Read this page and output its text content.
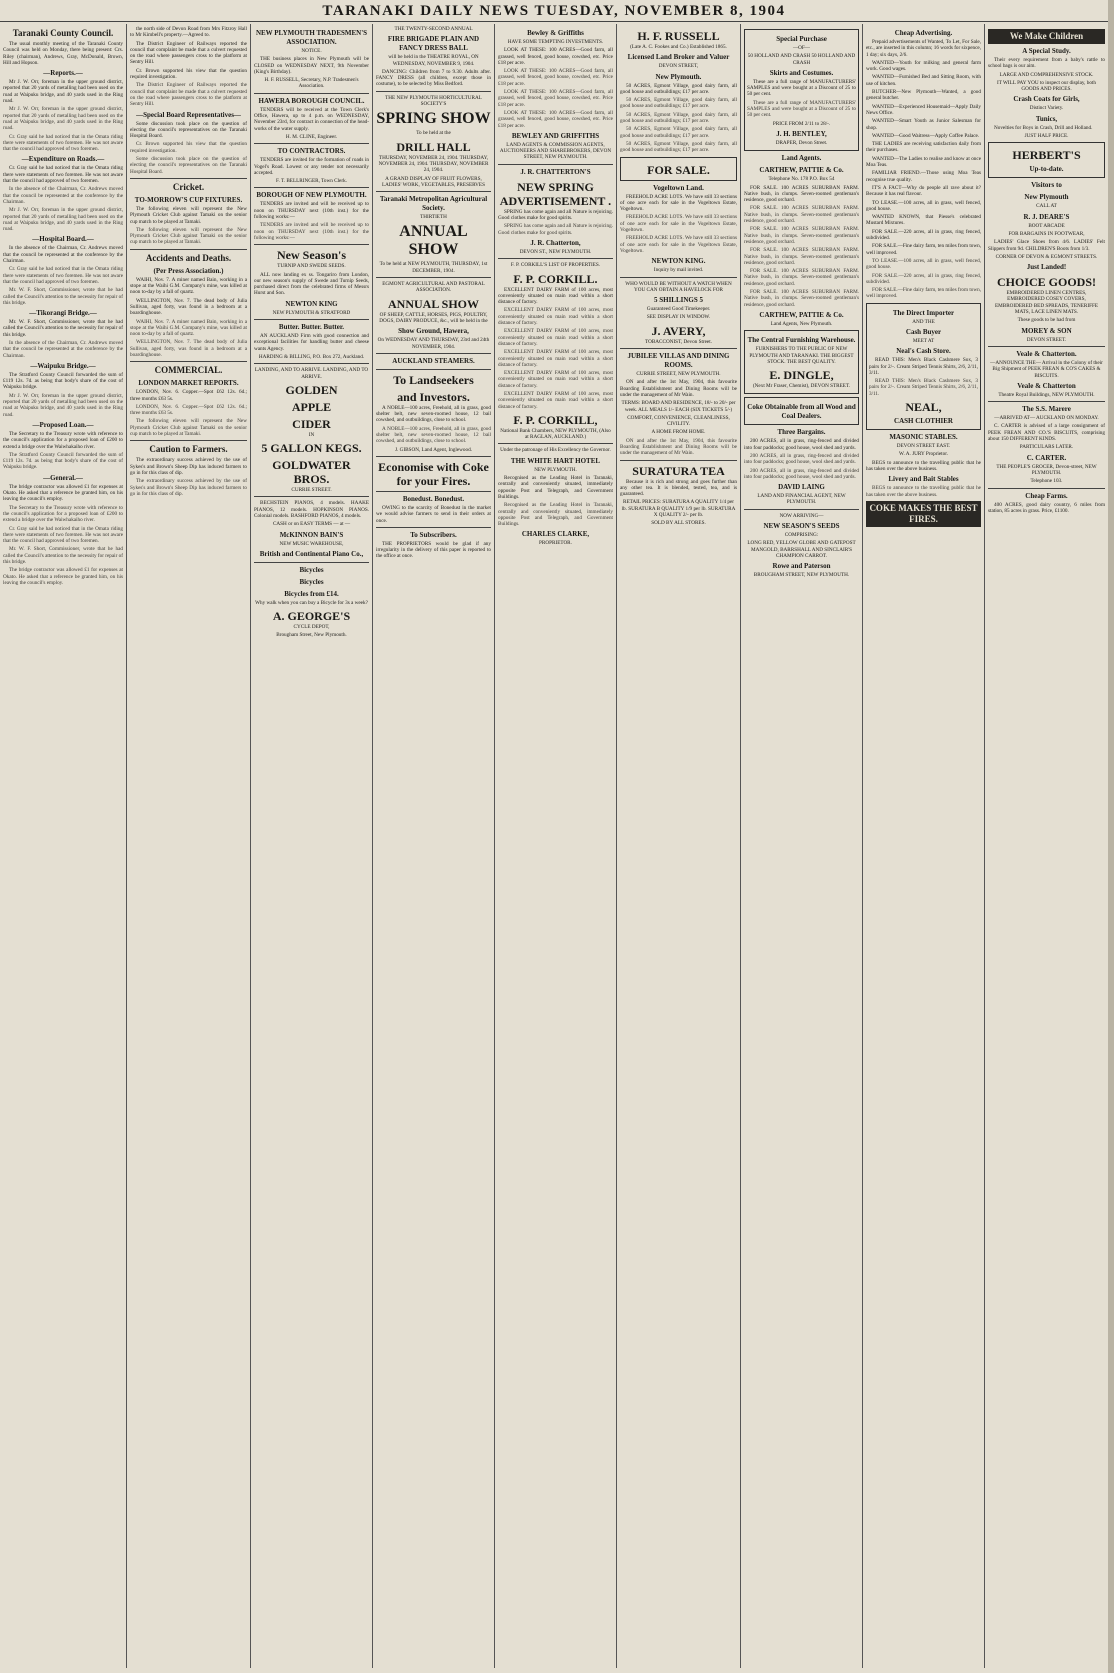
TARANAKI DAILY NEWS TUESDAY, NOVEMBER 8, 1904
Taranaki County Council.

The usual monthly meeting of the Taranaki County Council was held on Monday, there being present: Crs. Riley (chairman), Andrews, Gray, McDonald, Brown, Hill and Hopson.

—Reports.—

Mr J. W. Orr, foreman in the upper ground district, reported that 20 yards of metalling had been used on the road at Waipuku bridge, and 40 yards used in the Ring road.

Mr J. W. Orr, foreman in the upper ground district, reported that 20 yards of metalling had been used on the road at Waipuku bridge, and 40 yards used in the Ring road.

Cr. Gray said he had noticed that in the Omata riding there were statements of two foremen. He was not aware that the council had approved of two foremen.

—Expenditure on Roads.—

Cr. Gray said he had noticed that in the Omata riding there were statements of two foremen. He was not aware that the council had approved of two foremen.

In the absence of the Chairman, Cr. Andrews moved that the council be represented at the conference by the Chairman.

Mr J. W. Orr, foreman in the upper ground district, reported that 20 yards of metalling had been used on the road at Waipuku bridge, and 40 yards used in the Ring road.

—Hospital Board.—

In the absence of the Chairman, Cr. Andrews moved that the council be represented at the conference by the Chairman.

Cr. Gray said he had noticed that in the Omata riding there were statements of two foremen. He was not aware that the council had approved of two foremen.

Mr. W. F. Short, Commissioner, wrote that he had called the Council's attention to the necessity for repair of this bridge.

—Tikorangi Bridge.—

Mr. W. F. Short, Commissioner, wrote that he had called the Council's attention to the necessity for repair of this bridge.

In the absence of the Chairman, Cr. Andrews moved that the council be represented at the conference by the Chairman.

—Waipuku Bridge.—

The Stratford County Council forwarded the sum of £119 12s. 7d. as being that body's share of the cost of Waipuku bridge.

Mr J. W. Orr, foreman in the upper ground district, reported that 20 yards of metalling had been used on the road at Waipuku bridge, and 40 yards used in the Ring road.

—Proposed Loan.—

The Secretary to the Treasury wrote with reference to the council's application for a proposed loan of £200 to extend a bridge over the Waiwhakaiho river.

The Stratford County Council forwarded the sum of £119 12s. 7d. as being that body's share of the cost of Waipuku bridge.

—General.—

The bridge contractor was allowed £1 for expenses at Okato. He asked that a reference be granted him, on his leaving the council's employ.

The Secretary to the Treasury wrote with reference to the council's application for a proposed loan of £200 to extend a bridge over the Waiwhakaiho river.

Cr. Gray said he had noticed that in the Omata riding there were statements of two foremen. He was not aware that the council had approved of two foremen.

Mr. W. F. Short, Commissioner, wrote that he had called the Council's attention to the necessity for repair of this bridge.

The bridge contractor was allowed £1 for expenses at Okato. He asked that a reference be granted him, on his leaving the council's employ.

the north side of Devon Road from Mrs Fitzroy Hall to Mr Kimbell's property.—Agreed to.

The District Engineer of Railways reported the council that complaint be made that a culvert requested on the road where passengers cross to the platform at Sentry Hill.

Cr. Brown supported his view that the question required investigation.

The District Engineer of Railways reported the council that complaint be made that a culvert requested on the road where passengers cross to the platform at Sentry Hill.

—Special Board Representatives—

Some discussion took place on the question of electing the council's representatives on the Taranaki Hospital Board.

Cr. Brown supported his view that the question required investigation.

Some discussion took place on the question of electing the council's representatives on the Taranaki Hospital Board.

Cricket.
TO-MORROW'S CUP FIXTURES.

The following eleven will represent the New Plymouth Cricket Club against Tamaki on the senior cup match to be played at Tamaki.

The following eleven will represent the New Plymouth Cricket Club against Tamaki on the senior cup match to be played at Tamaki.

Accidents and Deaths.
(Per Press Association.)

WAIHI, Nov. 7. A miner named Bain, working in a stope at the Waihi G.M. Company's mine, was killed at noon to-day by a fall of quartz.

WELLINGTON, Nov. 7. The dead body of Julia Sullivan, aged forty, was found in a bedroom at a boardinghouse.

WAIHI, Nov. 7. A miner named Bain, working in a stope at the Waihi G.M. Company's mine, was killed at noon to-day by a fall of quartz.

WELLINGTON, Nov. 7. The dead body of Julia Sullivan, aged forty, was found in a bedroom at a boardinghouse.

COMMERCIAL.
LONDON MARKET REPORTS.

LONDON, Nov. 6. Copper.—Spot £62 12s. 6d.; three months £63 5s.

LONDON, Nov. 6. Copper.—Spot £62 12s. 6d.; three months £63 5s.

The following eleven will represent the New Plymouth Cricket Club against Tamaki on the senior cup match to be played at Tamaki.

Caution to Farmers.

The extraordinary success achieved by the use of Sykes's and Brown's Sheep Dip has induced farmers to go in for this class of dip.

The extraordinary success achieved by the use of Sykes's and Brown's Sheep Dip has induced farmers to go in for this class of dip.

NEW PLYMOUTH TRADESMEN'S ASSOCIATION.

NOTICE.

THE business places in New Plymouth will be CLOSED on WEDNESDAY NEXT, 9th November (King's Birthday).

H. F. RUSSELL, Secretary, N.P. Tradesmen's Association.

HAWERA BOROUGH COUNCIL.

TENDERS will be received at the Town Clerk's Office, Hawera, up to 4 p.m. on WEDNESDAY, November 23rd, for contract in connection of the head-works of the water supply.

H. M. CLINE, Engineer.

TO CONTRACTORS.

TENDERS are invited for the formation of roads in Vogel's Road. Lowest or any tender not necessarily accepted.

F. T. BELLRINGER, Town Clerk.

BOROUGH OF NEW PLYMOUTH.

TENDERS are invited and will be received up to noon on THURSDAY next (10th inst.) for the following works:—

TENDERS are invited and will be received up to noon on THURSDAY next (10th inst.) for the following works:—

New Season's

TURNIP AND SWEDE SEEDS.

ALL now landing ex ss. Tongariro from London, our new season's supply of Swede and Turnip Seeds, purchased direct from the celebrated firms of Messrs Hurst and Son.

NEWTON KING

NEW PLYMOUTH & STRATFORD

Butter. Butter. Butter.

AN AUCKLAND Firm with good connection and exceptional facilities for handling butter and cheese wants Agency.

HARDING & BILLING, P.O. Box 272, Auckland.

LANDING, AND TO ARRIVE. LANDING, AND TO ARRIVE.

GOLDEN
APPLE
CIDER

IN

5 GALLON KEGS.
GOLDWATER BROS.

CURRIE STREET.

BECHSTEIN PIANOS, 4 models. HAAKE PIANOS, 12 models. HOPKINSON PIANOS. Colonial models. BASHFORD PIANOS, 4 models.

CASH or on EASY TERMS — at —

McKINNON BAIN'S

NEW MUSIC WAREHOUSE,

British and Continental Piano Co.,
Bicycles
Bicycles
Bicycles from £14.

Why walk when you can buy a Bicycle for 3s a week?

A. GEORGE'S

CYCLE DEPOT,

Brougham Street, New Plymouth.

THE TWENTY-SECOND ANNUAL

FIRE BRIGADE PLAIN AND FANCY DRESS BALL

will be held in the THEATRE ROYAL, ON WEDNESDAY, NOVEMBER 9, 1904.

DANCING: Children from 7 to 9.30. Adults after. FANCY DRESS (all children, except those in costume), to be selected by Miss Bedford.

THE NEW PLYMOUTH HORTICULTURAL SOCIETY'S

SPRING SHOW

To be held at the

DRILL HALL

THURSDAY, NOVEMBER 24, 1904. THURSDAY, NOVEMBER 24, 1904. THURSDAY, NOVEMBER 24, 1904.

A GRAND DISPLAY OF FRUIT FLOWERS, LADIES' WORK, VEGETABLES, PRESERVES

Taranaki Metropolitan Agricultural Society.

THIRTIETH

ANNUAL SHOW

To be held at NEW PLYMOUTH, THURSDAY, 1st DECEMBER, 1904.

EGMONT AGRICULTURAL AND PASTORAL ASSOCIATION.

ANNUAL SHOW

OF SHEEP, CATTLE, HORSES, PIGS, POULTRY, DOGS, DAIRY PRODUCE, &c., will be held in the

Show Ground, Hawera,

On WEDNESDAY AND THURSDAY, 23rd and 24th NOVEMBER, 1904.

AUCKLAND STEAMERS.
To Landseekers
and Investors.

A NOBLE—100 acres, Freehold, all in grass, good shelter belt, new seven-roomed house, 12 bail cowshed, and outbuildings, close to school.

A NOBLE—100 acres, Freehold, all in grass, good shelter belt, new seven-roomed house, 12 bail cowshed, and outbuildings, close to school.

J. GIBSON, Land Agent, Inglewood.

Economise with Coke for your Fires.
Bonedust. Bonedust.

OWING to the scarcity of Bonedust in the market we would advise farmers to send in their orders at once.

To Subscribers.

THE PROPRIETORS would be glad if any irregularity in the delivery of this paper is reported to the office at once.

Bewley & Griffiths

HAVE SOME TEMPTING INVESTMENTS.

LOOK AT THESE: 100 ACRES—Good farm, all grassed, well fenced, good house, cowshed, etc. Price £18 per acre.

LOOK AT THESE: 100 ACRES—Good farm, all grassed, well fenced, good house, cowshed, etc. Price £18 per acre.

LOOK AT THESE: 100 ACRES—Good farm, all grassed, well fenced, good house, cowshed, etc. Price £18 per acre.

LOOK AT THESE: 100 ACRES—Good farm, all grassed, well fenced, good house, cowshed, etc. Price £18 per acre.

BEWLEY AND GRIFFITHS

LAND AGENTS & COMMISSION AGENTS, AUCTIONEERS AND SHAREBROKERS, DEVON STREET, NEW PLYMOUTH.

J. R. CHATTERTON'S
NEW SPRING ADVERTISEMENT .

SPRING has come again and all Nature is rejoicing. Good clothes make for good spirits.

SPRING has come again and all Nature is rejoicing. Good clothes make for good spirits.

J. R. Chatterton,

DEVON ST., NEW PLYMOUTH.

F. P. CORKILL'S LIST OF PROPERTIES.

F. P. CORKILL.

EXCELLENT DAIRY FARM of 100 acres, most conveniently situated on main road within a short distance of factory.

EXCELLENT DAIRY FARM of 100 acres, most conveniently situated on main road within a short distance of factory.

EXCELLENT DAIRY FARM of 100 acres, most conveniently situated on main road within a short distance of factory.

EXCELLENT DAIRY FARM of 100 acres, most conveniently situated on main road within a short distance of factory.

EXCELLENT DAIRY FARM of 100 acres, most conveniently situated on main road within a short distance of factory.

EXCELLENT DAIRY FARM of 100 acres, most conveniently situated on main road within a short distance of factory.

F. P. CORKILL,

National Bank Chambers, NEW PLYMOUTH, (Also at RAGLAN, AUCKLAND.)

Under the patronage of His Excellency the Governor.

THE WHITE HART HOTEL

NEW PLYMOUTH.

Recognised as the Leading Hotel in Taranaki, centrally and conveniently situated, immediately opposite Post and Telegraph, and Government Buildings.

Recognised as the Leading Hotel in Taranaki, centrally and conveniently situated, immediately opposite Post and Telegraph, and Government Buildings.

CHARLES CLARKE,

PROPRIETOR.

H. F. RUSSELL

(Late A. C. Fookes and Co.) Established 1865.

Licensed Land Broker and Valuer

DEVON STREET,

New Plymouth.

50 ACRES, Egmont Village, good dairy farm, all good house and outbuildings; £17 per acre.

50 ACRES, Egmont Village, good dairy farm, all good house and outbuildings; £17 per acre.

50 ACRES, Egmont Village, good dairy farm, all good house and outbuildings; £17 per acre.

50 ACRES, Egmont Village, good dairy farm, all good house and outbuildings; £17 per acre.

50 ACRES, Egmont Village, good dairy farm, all good house and outbuildings; £17 per acre.

FOR SALE.
Vogeltown Land.

FREEHOLD ACRE LOTS. We have still 33 sections of one acre each for sale in the Vogeltown Estate, Vogeltown.

FREEHOLD ACRE LOTS. We have still 33 sections of one acre each for sale in the Vogeltown Estate, Vogeltown.

FREEHOLD ACRE LOTS. We have still 33 sections of one acre each for sale in the Vogeltown Estate, Vogeltown.

NEWTON KING.

Inquiry by mail invited.

WHO WOULD BE WITHOUT A WATCH WHEN YOU CAN OBTAIN A HAVELOCK FOR

5 SHILLINGS 5

Guaranteed Good Timekeeper.

SEE DISPLAY IN WINDOW.

J. AVERY,

TOBACCONIST, Devon Street.

JUBILEE VILLAS AND DINING ROOMS.

CURRIE STREET, NEW PLYMOUTH.

ON and after the 1st May, 1904, this favourite Boarding Establishment and Dining Rooms will be under the management of Mr Wain.

TERMS: BOARD AND RESIDENCE, 18/- to 20/- per week. ALL MEALS 1/- EACH (SIX TICKETS 5/-)

COMFORT, CONVENIENCE, CLEANLINESS, CIVILITY.

A HOME FROM HOME.

ON and after the 1st May, 1904, this favourite Boarding Establishment and Dining Rooms will be under the management of Mr Wain.

SURATURA TEA

Because it is rich and strong and goes further than any other tea. It is blended, tested, tea, and is guaranteed.

RETAIL PRICES: SURATURA A QUALITY 1/4 per lb. SURATURA B QUALITY 1/9 per lb. SURATURA X QUALITY 2/- per lb.

SOLD BY ALL STORES.

Special Purchase

—OF—

50 HOLLAND AND CRASH 50 HOLLAND AND CRASH

Skirts and Costumes.

These are a full range of MANUFACTURERS' SAMPLES and were bought at a Discount of 25 to 50 per cent.

These are a full range of MANUFACTURERS' SAMPLES and were bought at a Discount of 25 to 50 per cent.

PRICE FROM 2/11 to 28/-.

J. H. BENTLEY,

DRAPER, Devon Street.

Land Agents.
CARTHEW, PATTIE & Co.

Telephone No. 178 P.O. Box 54

FOR SALE. 100 ACRES SUBURBAN FARM. Native bush, in clumps. Seven-roomed gentleman's residence, good orchard.

FOR SALE. 100 ACRES SUBURBAN FARM. Native bush, in clumps. Seven-roomed gentleman's residence, good orchard.

FOR SALE. 100 ACRES SUBURBAN FARM. Native bush, in clumps. Seven-roomed gentleman's residence, good orchard.

FOR SALE. 100 ACRES SUBURBAN FARM. Native bush, in clumps. Seven-roomed gentleman's residence, good orchard.

FOR SALE. 100 ACRES SUBURBAN FARM. Native bush, in clumps. Seven-roomed gentleman's residence, good orchard.

FOR SALE. 100 ACRES SUBURBAN FARM. Native bush, in clumps. Seven-roomed gentleman's residence, good orchard.

CARTHEW, PATTIE & Co.

Land Agents, New Plymouth.

The Central Furnishing Warehouse.

FURNISHERS TO THE PUBLIC OF NEW PLYMOUTH AND TARANAKI. THE BIGGEST STOCK. THE BEST QUALITY.

E. DINGLE,

(Next Mr Fraser, Chemist), DEVON STREET.

Coke Obtainable from all Wood and Coal Dealers.
Three Bargains.

200 ACRES, all in grass, ring-fenced and divided into four paddocks; good house, wool shed and yards.

200 ACRES, all in grass, ring-fenced and divided into four paddocks; good house, wool shed and yards.

200 ACRES, all in grass, ring-fenced and divided into four paddocks; good house, wool shed and yards.

DAVID LAING

LAND AND FINANCIAL AGENT, NEW PLYMOUTH.

NOW ARRIVING—

NEW SEASON'S SEEDS

COMPRISING:

LONG RED, YELLOW GLOBE AND GATEPOST MANGOLD, BARRSHALL AND SINCLAIR'S CHAMPION CARROT.

Rowe and Paterson

BROUGHAM STREET, NEW PLYMOUTH.

Cheap Advertising.

Prepaid advertisements of Wanted, To Let, For Sale, etc., are inserted in this column; 16 words for sixpence, 1 day; six days, 2/6.

WANTED—Youth for milking and general farm work. Good wages.

WANTED—Furnished Bed and Sitting Room, with use of kitchen.

BUTCHER—New Plymouth—Wanted, a good general butcher.

WANTED—Experienced Housemaid—Apply Daily News Office.

WANTED—Smart Youth as Junior Salesman for shop.

WANTED—Good Waitress—Apply Coffee Palace.

THE LADIES are receiving satisfaction daily from their purchases.

WANTED—The Ladies to realise and know at once Moa Teas.

FAMILIAR FRIEND.—Those using Moa Teas recognise true quality.

IT'S A FACT—Why do people all rave about it? Because it has real flavour.

TO LEASE.—100 acres, all in grass, well fenced, good house.

WANTED KNOWN, that Piesse's celebrated Mustard Mixtures.

FOR SALE.—220 acres, all in grass, ring fenced, subdivided.

FOR SALE.—Fine dairy farm, ten miles from town, well improved.

TO LEASE.—100 acres, all in grass, well fenced, good house.

FOR SALE.—220 acres, all in grass, ring fenced, subdivided.

FOR SALE.—Fine dairy farm, ten miles from town, well improved.

The Direct Importer

AND THE

Cash Buyer

MEET AT

Neal's Cash Store.

READ THIS: Men's Black Cashmere Sox, 3 pairs for 2/-. Cream Striped Tennis Shirts, 2/6, 2/11, 3/11.

READ THIS: Men's Black Cashmere Sox, 3 pairs for 2/-. Cream Striped Tennis Shirts, 2/6, 2/11, 3/11.

NEAL,
CASH CLOTHIER
MASONIC STABLES.

DEVON STREET EAST.

W. A. JURY Proprietor.

BEGS to announce to the travelling public that he has taken over the above business.

Livery and Bait Stables

BEGS to announce to the travelling public that he has taken over the above business.

COKE MAKES THE BEST FIRES.
We Make Children
A Special Study.

Their every requirement from a baby's rattle to school bags is our aim.

LARGE AND COMPREHENSIVE STOCK.

IT WILL PAY YOU to inspect our display, both GOODS AND PRICES.

Crash Coats for Girls,

Distinct Variety.

Tunics,

Novelties for Boys in Crash, Drill and Holland.

JUST HALF PRICE.

HERBERT'S
Up-to-date.
Visitors to
New Plymouth

CALL AT

R. J. DEARE'S

BOOT ARCADE

FOR BARGAINS IN FOOTWEAR,

LADIES' Glace Shoes from 4/6. LADIES' Felt Slippers from 9d. CHILDREN'S Boots from 1/3.

CORNER OF DEVON & EGMONT STREETS.

Just Landed!
CHOICE GOODS!

EMBROIDERED LINEN CENTRES, EMBROIDERED COSEY COVERS, EMBROIDERED BED SPREADS, TENERIFFE MATS, LACE LINEN MATS.

These goods to be had from

MOREY & SON

DEVON STREET.

Veale & Chatterton.

—ANNOUNCE THE— Arrival in the Colony of their Big Shipment of PEEK FREAN & CO'S CAKES & BISCUITS.

Veale & Chatterton

Theatre Royal Buildings, NEW PLYMOUTH.

The S.S. Marere

—ARRIVED AT— AUCKLAND ON MONDAY.

C. CARTER is advised of a large consignment of PEEK FREAN AND CO.'S BISCUITS, comprising about 150 DIFFERENT KINDS.

PARTICULARS LATER.

C. CARTER.

THE PEOPLE'S GROCER, Devon-street, NEW PLYMOUTH.

Telephone 103.

Cheap Farms.

400 ACRES, good dairy country, 6 miles from station, 85 acres in grass. Price, £1100.
